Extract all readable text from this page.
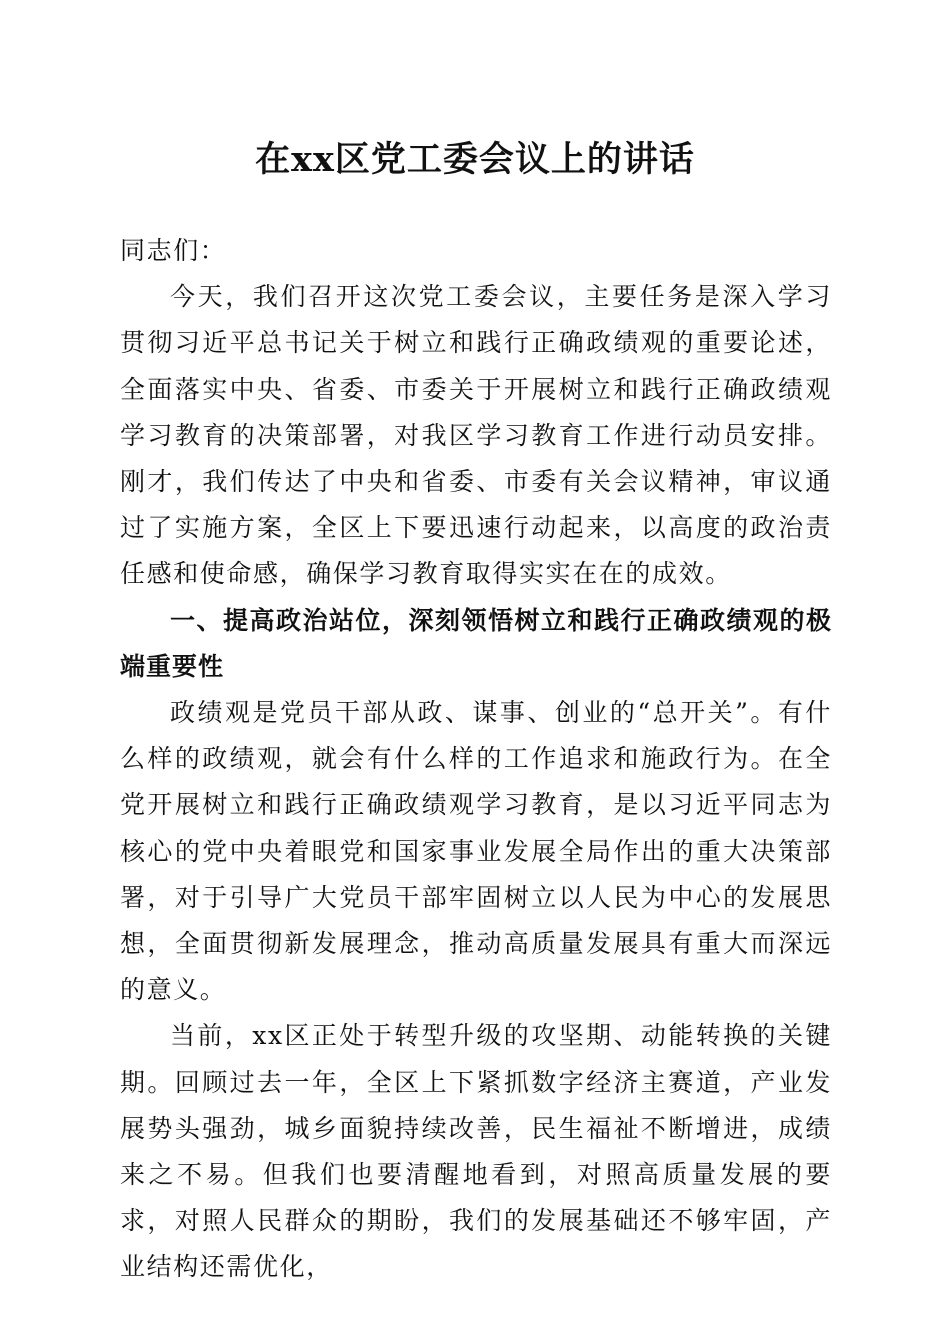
在xx区党工委会议上的讲话

同志们：

今天，我们召开这次党工委会议，主要任务是深入学习贯彻习近平总书记关于树立和践行正确政绩观的重要论述，全面落实中央、省委、市委关于开展树立和践行正确政绩观学习教育的决策部署，对我区学习教育工作进行动员安排。刚才，我们传达了中央和省委、市委有关会议精神，审议通过了实施方案，全区上下要迅速行动起来，以高度的政治责任感和使命感，确保学习教育取得实实在在的成效。

一、提高政治站位，深刻领悟树立和践行正确政绩观的极端重要性

政绩观是党员干部从政、谋事、创业的“总开关”。有什么样的政绩观，就会有什么样的工作追求和施政行为。在全党开展树立和践行正确政绩观学习教育，是以习近平同志为核心的党中央着眼党和国家事业发展全局作出的重大决策部署，对于引导广大党员干部牢固树立以人民为中心的发展思想，全面贯彻新发展理念，推动高质量发展具有重大而深远的意义。

当前，xx区正处于转型升级的攻坚期、动能转换的关键期。回顾过去一年，全区上下紧抓数字经济主赛道，产业发展势头强劲，城乡面貌持续改善，民生福祉不断增进，成绩来之不易。但我们也要清醒地看到，对照高质量发展的要求，对照人民群众的期盼，我们的发展基础还不够牢固，产业结构还需优化，
